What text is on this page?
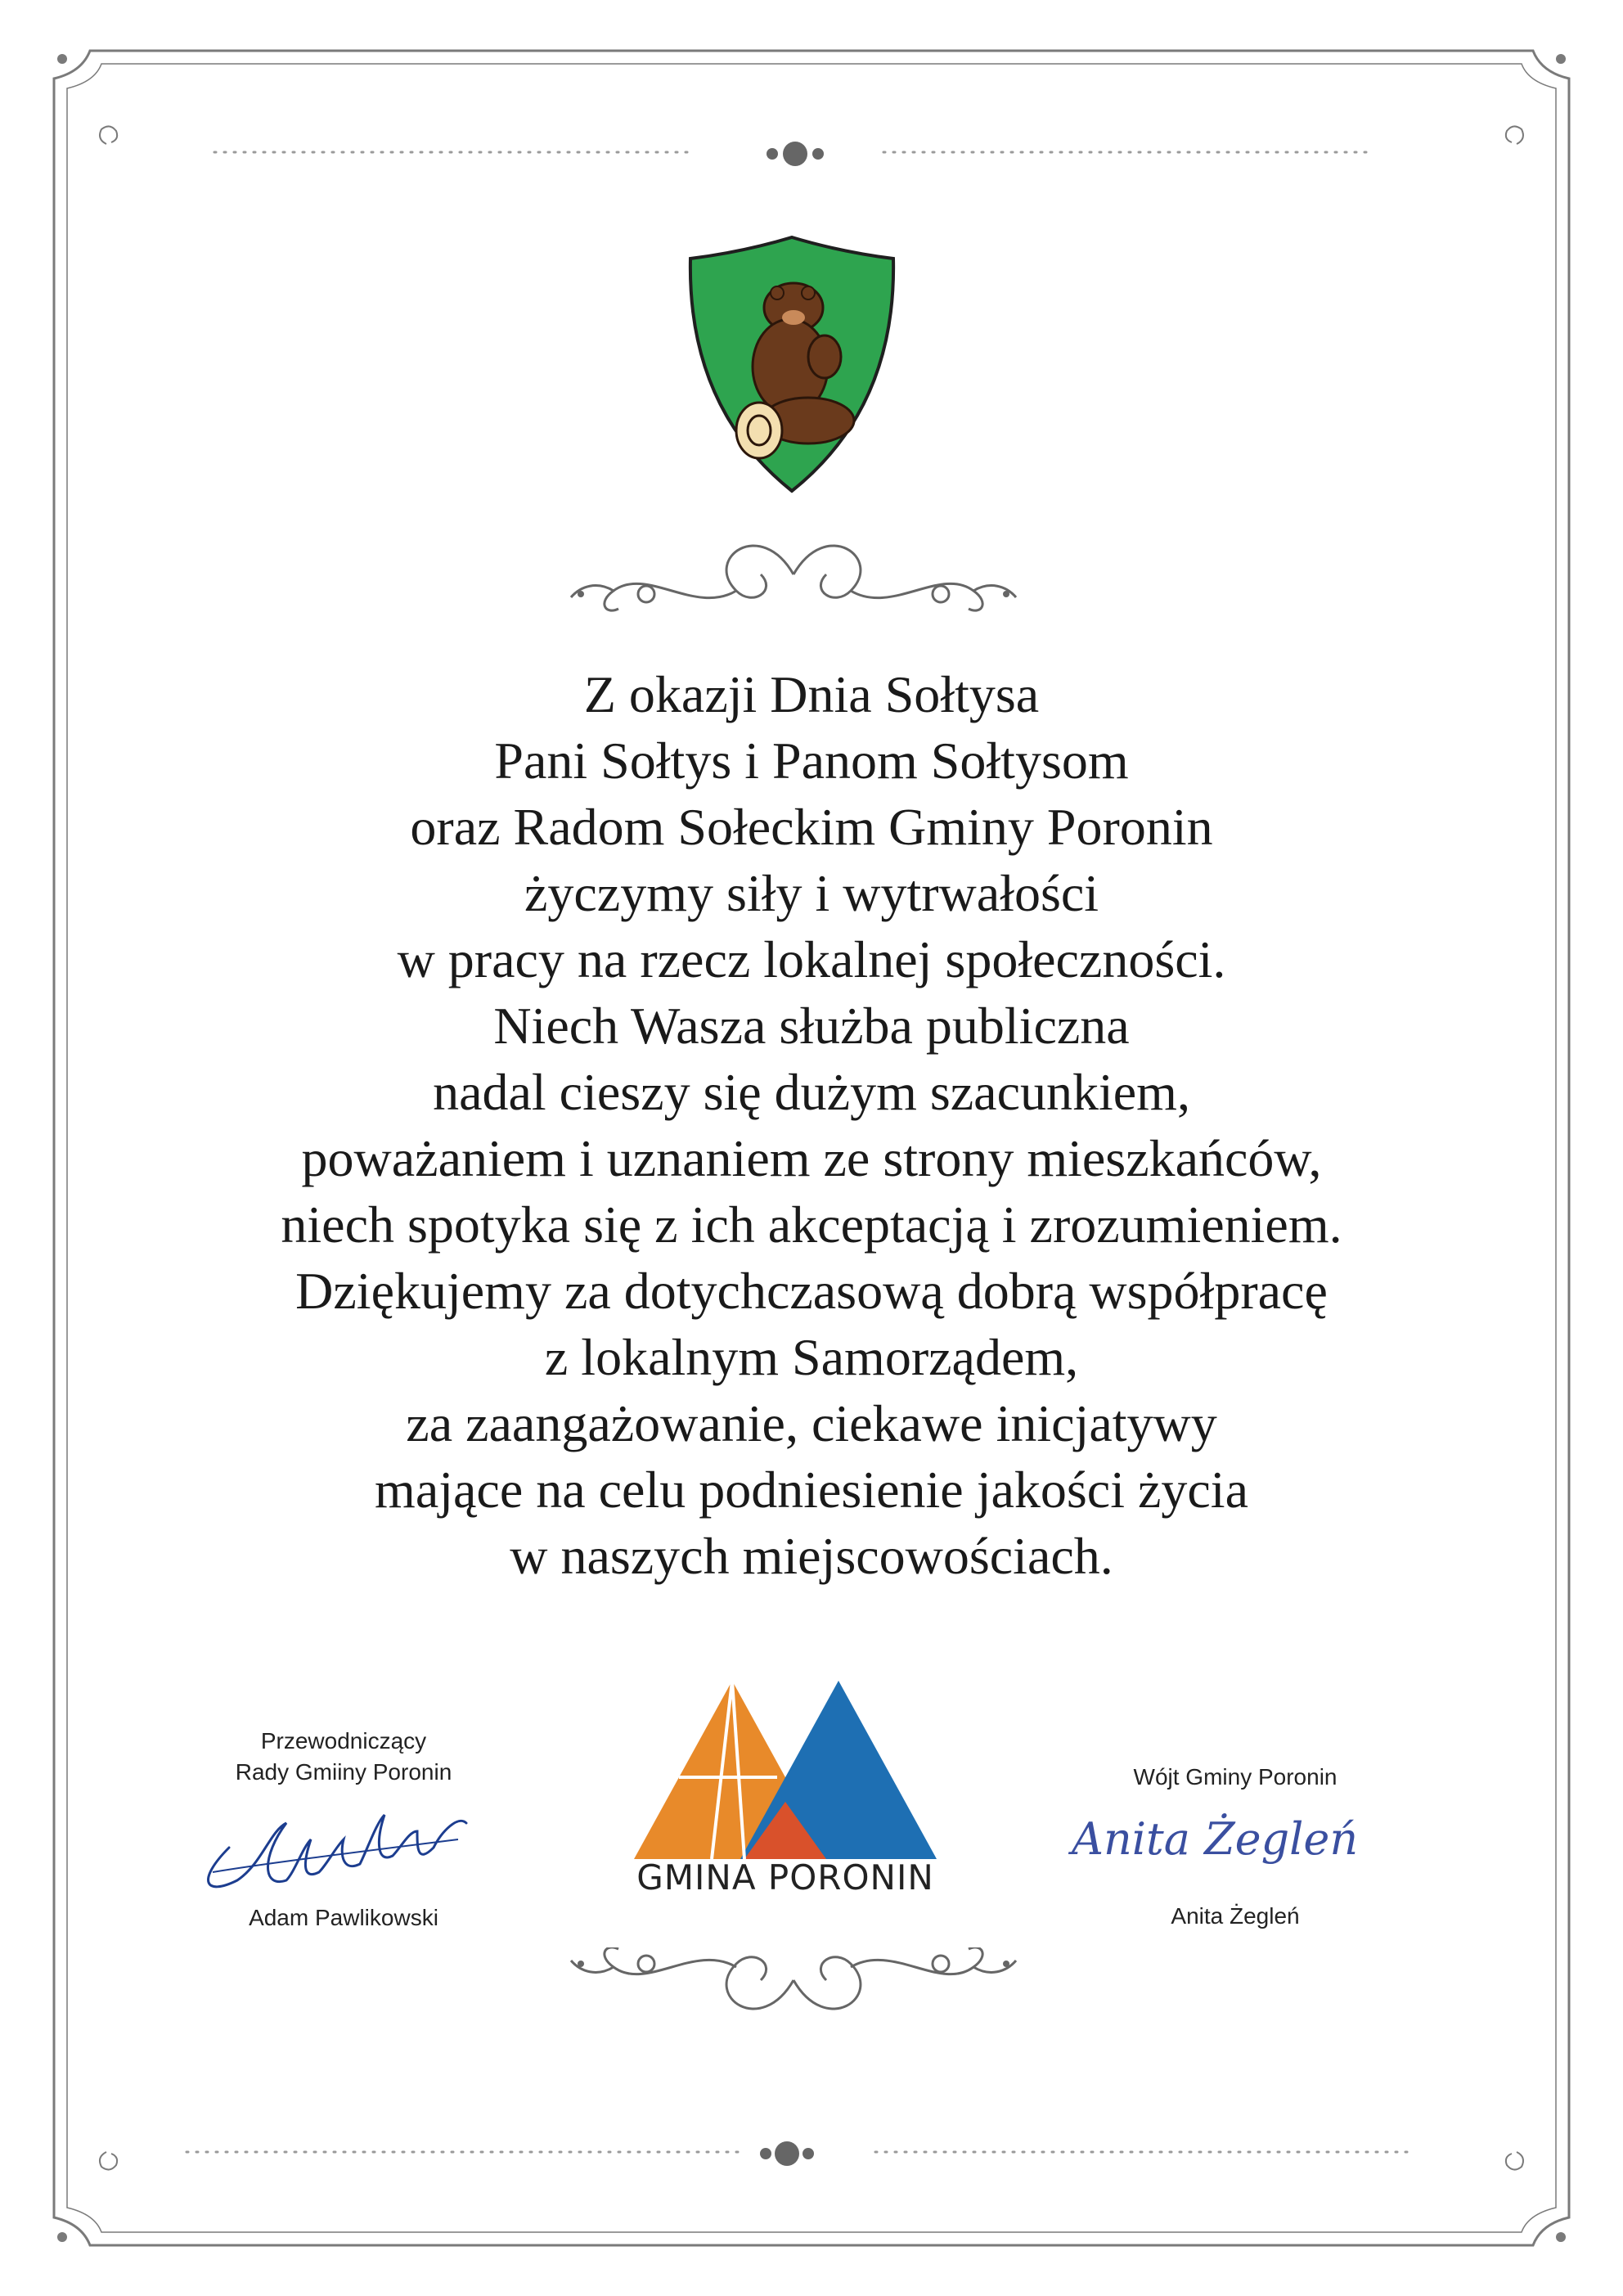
Z okazji Dnia Sołtysa

Pani Sołtys i Panom Sołtysom

oraz Radom Sołeckim Gminy Poronin

życzymy siły i wytrwałości

w pracy na rzecz lokalnej społeczności.

Niech Wasza służba publiczna

nadal cieszy się dużym szacunkiem,

poważaniem i uznaniem ze strony mieszkańców,

niech spotyka się z ich akceptacją i zrozumieniem.

Dziękujemy za dotychczasową dobrą współpracę

z lokalnym Samorządem,

za zaangażowanie, ciekawe inicjatywy

mające na celu podniesienie jakości życia

w naszych miejscowościach.

Przewodniczący
Rady Gmiiny Poronin
Adam Pawlikowski
GMINA PORONIN
Wójt Gminy Poronin
Anita Żegleń
Anita Żegleń
